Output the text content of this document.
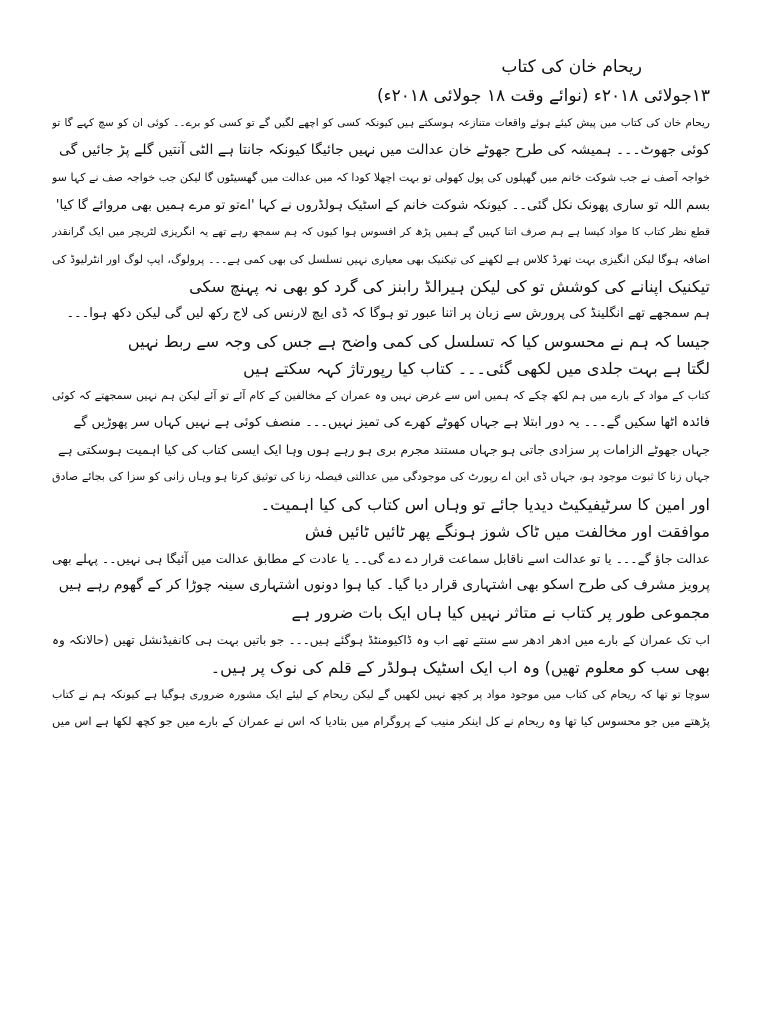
ریحام خان کی کتاب
۱۳جولائی ۲۰۱۸ء (نوائے وقت ۱۸ جولائی ۲۰۱۸ء)
ریحام خان کی کتاب میں پیش کیئے ہوئے واقعات متنازعہ ہوسکتے ہیں کیونکہ کسی کو اچھے لگیں گے تو کسی کو برے۔۔ کوئی ان کو سچ کہے گا تو
کوئی جھوٹ۔۔۔ ہمیشہ کی طرح جھوٹے خان عدالت میں نہیں جائیگا کیونکہ جانتا ہے الٹی آنتیں گلے پڑ جائیں گی
خواجہ آصف نے جب شوکت خانم میں گھپلوں کی پول کھولی تو بہت اچھلا کودا کہ میں عدالت میں گھسیٹوں گا لیکن جب خواجہ صف نے کہا سو
بسم اللہ تو ساری پھونک نکل گئی۔۔ کیونکہ شوکت خانم کے اسٹیک ہولڈروں نے کہا 'اےتو تو مرے ہمیں بھی مروائے گا کیا'
قطع نظر کتاب کا مواد کیسا ہے ہم صرف اتنا کہیں گے ہمیں پڑھ کر افسوس ہوا کیوں کہ ہم سمجھ رہے تھے یہ انگریزی لٹریچر میں ایک گرانقدر
اضافہ ہوگا لیکن انگیزی بہت تھرڈ کلاس ہے لکھنے کی تیکنیک بھی معیاری نہیں تسلسل کی بھی کمی ہے۔۔۔ پرولوگ، ایپ لوگ اور انٹرلیوڈ کی
تیکنیک اپنانے کی کوشش تو کی لیکن ہیرالڈ رابنز کی گرد کو بھی نہ پہنچ سکی
ہم سمجھے تھے انگلینڈ کی پرورش سے زبان پر اتنا عبور تو ہوگا کہ ڈی ایچ لارنس کی لاج رکھ لیں گی لیکن دکھ ہوا۔۔۔
جیسا کہ ہم نے محسوس کیا کہ تسلسل کی کمی واضح ہے جس کی وجہ سے ربط نہیں
لگتا ہے بہت جلدی میں لکھی گئی۔۔۔ کتاب کیا رپورتاژ کہہ سکتے ہیں
کتاب کے مواد کے بارے میں ہم لکھ چکے کہ ہمیں اس سے غرض نہیں وہ عمران کے مخالفین کے کام آئے تو آئے لیکن ہم نہیں سمجھتے کہ کوئی
فائدہ اٹھا سکیں گے۔۔۔ یہ دور ابتلا ہے جہاں کھوٹے کھرے کی تمیز نہیں۔۔۔ منصف کوئی ہے نہیں کہاں سر پھوڑیں گے
جہاں جھوٹے الزامات پر سزادی جاتی ہو جہاں مستند مجرم بری ہو رہے ہوں وہا ایک ایسی کتاب کی کیا اہمیت ہوسکتی ہے
جہاں زنا کا ثبوت موجود ہو، جہاں ڈی این اے رپورٹ کی موجودگی میں عدالتی فیصلہ زنا کی توثیق کرتا ہو وہاں زانی کو سزا کی بجائے صادق
اور امین کا سرٹیفیکیٹ دیدیا جائے تو وہاں اس کتاب کی کیا اہمیت۔
موافقت اور مخالفت میں ٹاک شوز ہونگے پھر ٹائیں ٹائیں فش
عدالت جاؤ گے۔۔۔ یا تو عدالت اسے ناقابل سماعت قرار دے دے گی۔۔ یا عادت کے مطابق عدالت میں آئیگا ہی نہیں۔۔ پہلے بھی
پرویز مشرف کی طرح اسکو بھی اشتہاری قرار دیا گیا۔ کیا ہوا دونوں اشتہاری سینہ چوڑا کر کے گھوم رہے ہیں
مجموعی طور پر کتاب نے متاثر نہیں کیا ہاں ایک بات ضرور ہے
اب تک عمران کے بارے میں ادھر ادھر سے سنتے تھے اب وہ ڈاکیومنٹڈ ہوگئے ہیں۔۔۔ جو باتیں بہت ہی کانفیڈنشل تھیں (حالانکہ وہ
بھی سب کو معلوم تھیں) وہ اب ایک اسٹیک ہولڈر کے قلم کی نوک پر ہیں۔
سوچا تو تھا کہ ریحام کی کتاب میں موجود مواد پر کچھ نہیں لکھیں گے لیکن ریحام کے لیئے ایک مشورہ ضروری ہوگیا ہے کیونکہ ہم نے کتاب
پڑھتے میں جو محسوس کیا تھا وہ ریحام نے کل اینکر منیب کے پروگرام میں بتادیا کہ اس نے عمران کے بارے میں جو کچھ لکھا ہے اس میں
